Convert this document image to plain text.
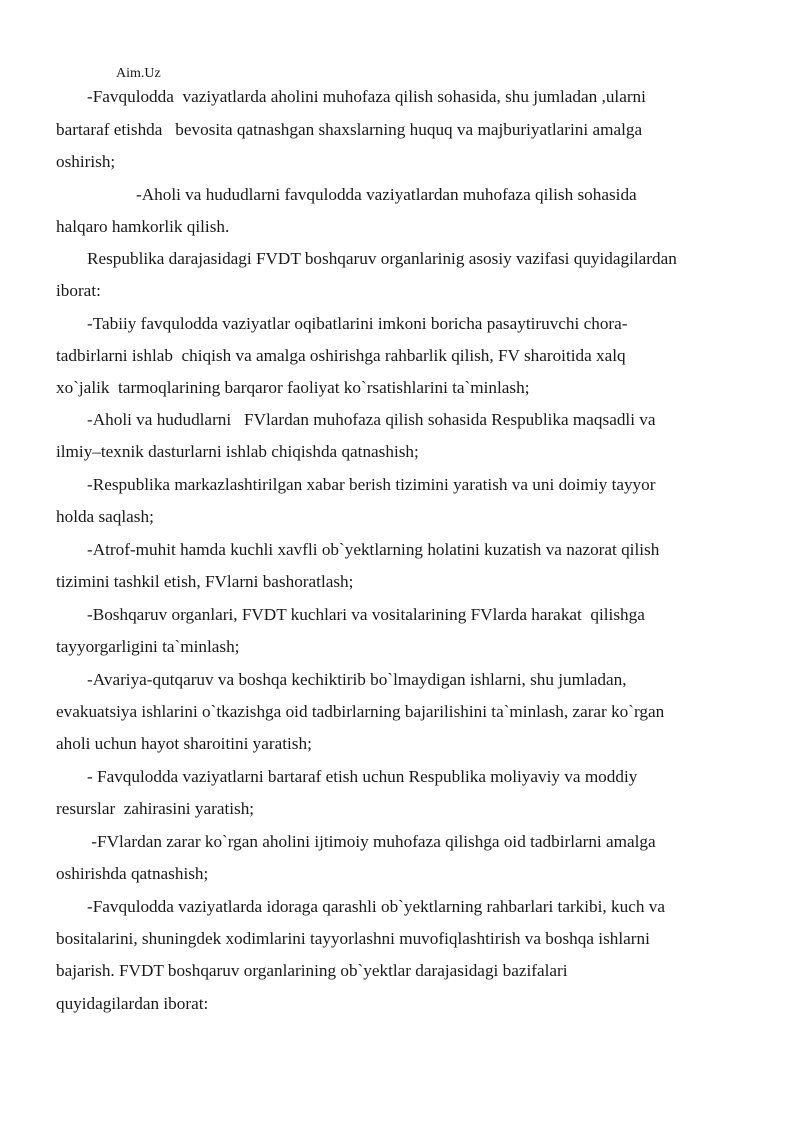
Aim.Uz
-Favqulodda  vaziyatlarda aholini muhofaza qilish sohasida, shu jumladan ,ularni
bartaraf etishda   bevosita qatnashgan shaxslarning huquq va majburiyatlarini amalga
oshirish;
-Aholi va hududlarni favqulodda vaziyatlardan muhofaza qilish sohasida
halqaro hamkorlik qilish.
Respublika darajasidagi FVDT boshqaruv organlarinig asosiy vazifasi quyidagilardan
iborat:
-Tabiiy favqulodda vaziyatlar oqibatlarini imkoni boricha pasaytiruvchi chora-
tadbirlarni ishlab  chiqish va amalga oshirishga rahbarlik qilish, FV sharoitida xalq
xo`jalik  tarmoqlarining barqaror faoliyat ko`rsatishlarini ta`minlash;
-Aholi va hududlarni   FVlardan muhofaza qilish sohasida Respublika maqsadli va
ilmiy–texnik dasturlarni ishlab chiqishda qatnashish;
-Respublika markazlashtirilgan xabar berish tizimini yaratish va uni doimiy tayyor
holda saqlash;
-Atrof-muhit hamda kuchli xavfli ob`yektlarning holatini kuzatish va nazorat qilish
tizimini tashkil etish, FVlarni bashoratlash;
-Boshqaruv organlari, FVDT kuchlari va vositalarining FVlarda harakat  qilishga
tayyorgarligini ta`minlash;
-Avariya-qutqaruv va boshqa kechiktirib bo`lmaydigan ishlarni, shu jumladan,
evakuatsiya ishlarini o`tkazishga oid tadbirlarning bajarilishini ta`minlash, zarar ko`rgan
aholi uchun hayot sharoitini yaratish;
- Favqulodda vaziyatlarni bartaraf etish uchun Respublika moliyaviy va moddiy
resurslar  zahirasini yaratish;
-FVlardan zarar ko`rgan aholini ijtimoiy muhofaza qilishga oid tadbirlarni amalga
oshirishda qatnashish;
-Favqulodda vaziyatlarda idoraga qarashli ob`yektlarning rahbarlari tarkibi, kuch va
bositalarini, shuningdek xodimlarini tayyorlashni muvofiqlashtirish va boshqa ishlarni
bajarish. FVDT boshqaruv organlarining ob`yektlar darajasidagi bazifalari
quyidagilardan iborat:
